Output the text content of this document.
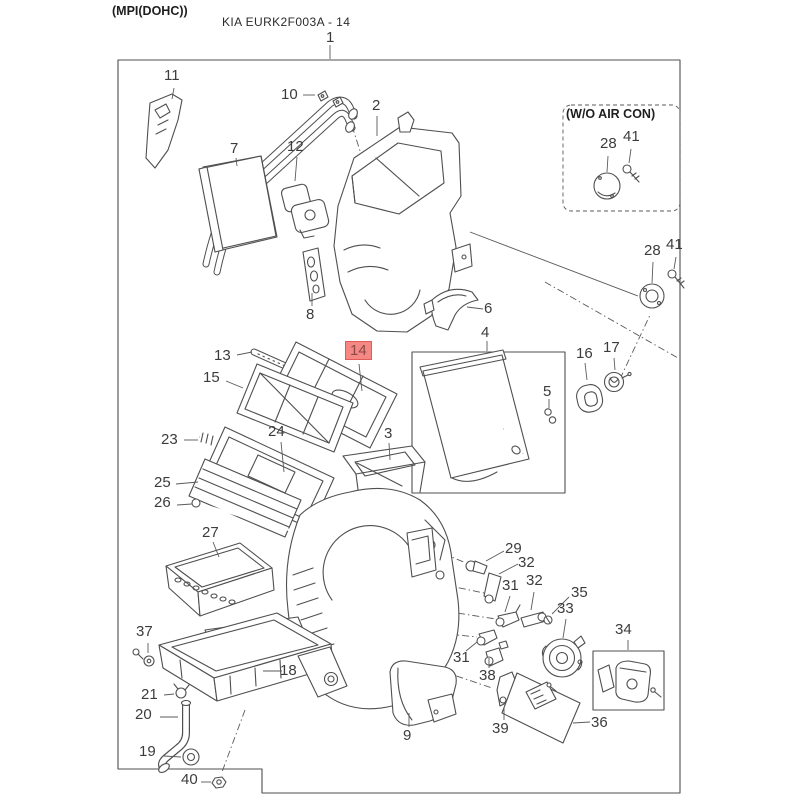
(MPI(DOHC))
KIA EURK2F003A - 14
(W/O AIR CON)
1
11
10
2
41
28
12
7
41
28
6
8
4
17
16
13	14
15
5
24	3
23
25
26
27
29
32
32
31	35
33
34
37
31
18	38
21
20	36
39
9
19
40
